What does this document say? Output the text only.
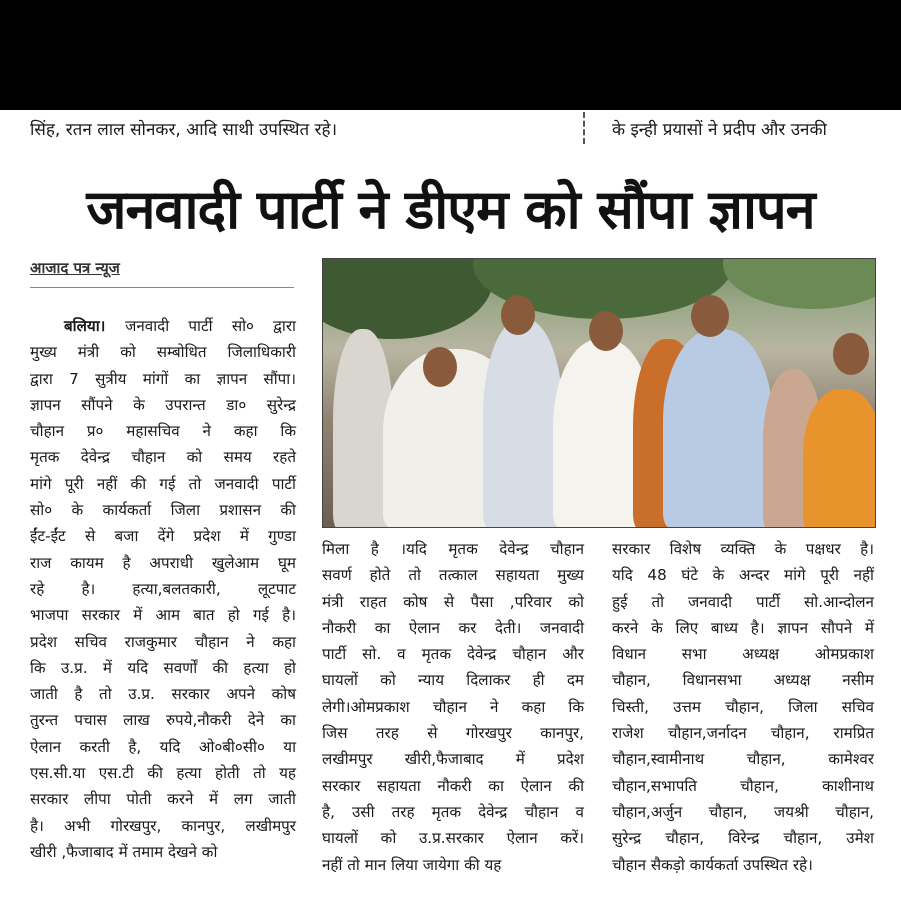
सिंह, रतन लाल सोनकर, आदि साथी उपस्थित रहे।	के इन्ही प्रयासों ने प्रदीप और उनकी
जनवादी पार्टी ने डीएम को सौंपा ज्ञापन
आजाद पत्र न्यूज

बलिया। जनवादी पार्टी सो० द्वारा

मुख्य मंत्री को सम्बोधित जिलाधिकारी

द्वारा 7 सुत्रीय मांगों का ज्ञापन सौंपा।

ज्ञापन सौंपने के उपरान्त डा० सुरेन्द्र

चौहान प्र० महासचिव ने कहा कि

मृतक देवेन्द्र चौहान को समय रहते

मांगे पूरी नहीं की गई तो जनवादी पार्टी

सो० के कार्यकर्ता जिला प्रशासन की

ईंट-ईंट से बजा देंगे प्रदेश में गुण्डा

राज कायम है अपराधी खुलेआम घूम

रहे है। हत्या,बलतकारी, लूटपाट

भाजपा सरकार में आम बात हो गई है।

प्रदेश सचिव राजकुमार चौहान ने कहा

कि उ.प्र. में यदि सवर्णों की हत्या हो

जाती है तो उ.प्र. सरकार अपने कोष

तुरन्त पचास लाख रुपये,नौकरी देने का

ऐलान करती है, यदि ओ०बी०सी० या

एस.सी.या एस.टी की हत्या होती तो यह

सरकार लीपा पोती करने में लग जाती

है। अभी गोरखपुर, कानपुर, लखीमपुर

खीरी ,फैजाबाद में तमाम देखने को

मिला है ।यदि मृतक देवेन्द्र चौहान

सवर्ण होते तो तत्काल सहायता मुख्य

मंत्री राहत कोष से पैसा ,परिवार को

नौकरी का ऐलान कर देती। जनवादी

पार्टी सो. व मृतक देवेन्द्र चौहान और

घायलों को न्याय दिलाकर ही दम

लेगी।ओमप्रकाश चौहान ने कहा कि

जिस तरह से गोरखपुर कानपुर,

लखीमपुर खीरी,फैजाबाद में प्रदेश

सरकार सहायता नौकरी का ऐलान की

है, उसी तरह मृतक देवेन्द्र चौहान व

घायलों को उ.प्र.सरकार ऐलान करें।

नहीं तो मान लिया जायेगा की यह

सरकार विशेष व्यक्ति के पक्षधर है।

यदि 48 घंटे के अन्दर मांगे पूरी नहीं

हुई तो जनवादी पार्टी सो.आन्दोलन

करने के लिए बाध्य है। ज्ञापन सौपने में

विधान सभा अध्यक्ष ओमप्रकाश

चौहान, विधानसभा अध्यक्ष नसीम

चिस्ती, उत्तम चौहान, जिला सचिव

राजेश चौहान,जर्नादन चौहान, रामप्रित

चौहान,स्वामीनाथ चौहान, कामेश्वर

चौहान,सभापति चौहान, काशीनाथ

चौहान,अर्जुन चौहान, जयश्री चौहान,

सुरेन्द्र चौहान, विरेन्द्र चौहान, उमेश

चौहान सैकड़ो कार्यकर्ता उपस्थित रहे।
